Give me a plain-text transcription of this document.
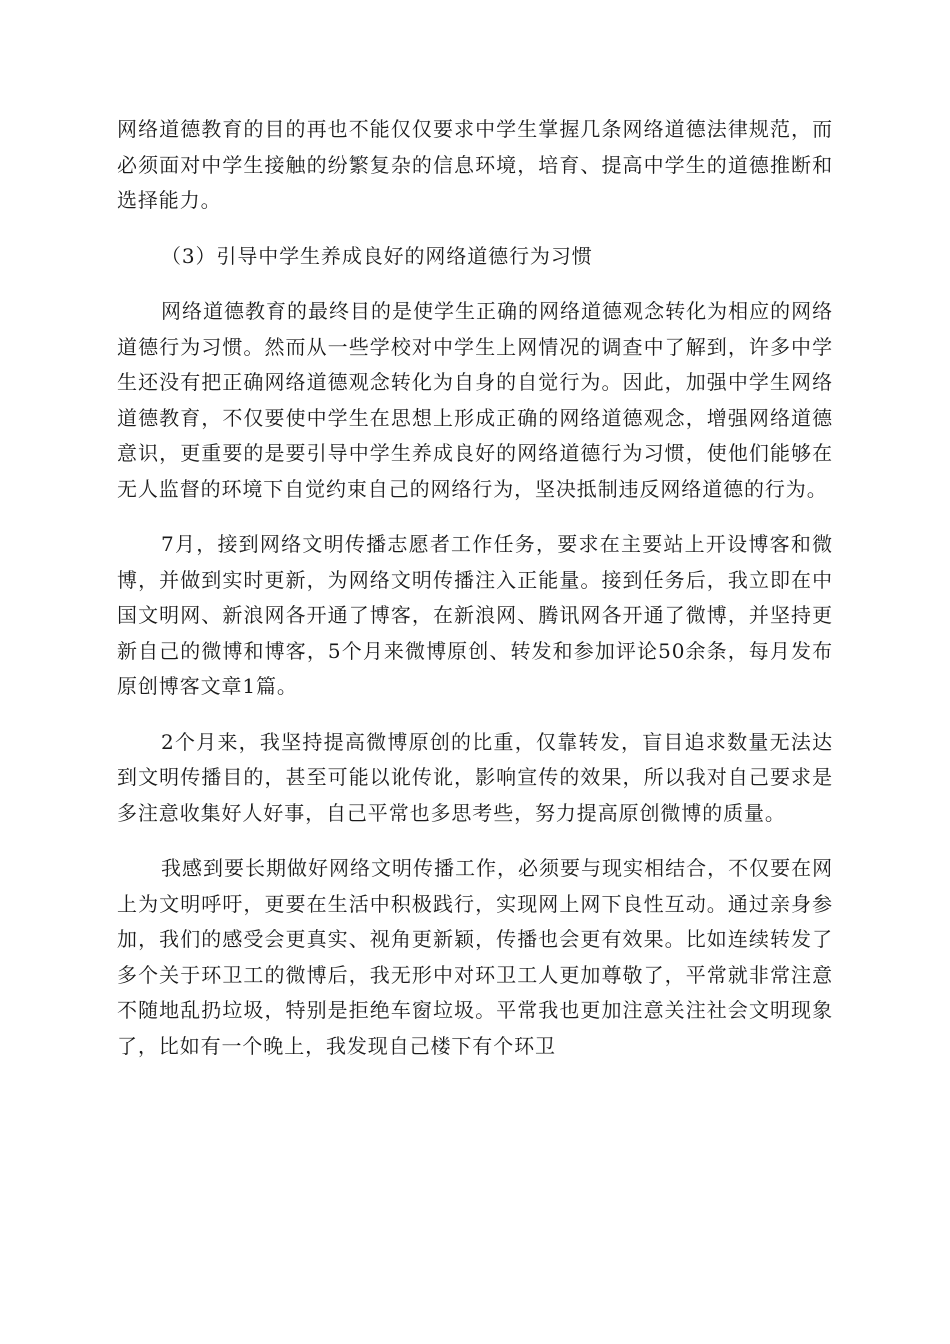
网络道德教育的目的再也不能仅仅要求中学生掌握几条网络道德法律规范，而必须面对中学生接触的纷繁复杂的信息环境，培育、提高中学生的道德推断和选择能力。

（3）引导中学生养成良好的网络道德行为习惯

网络道德教育的最终目的是使学生正确的网络道德观念转化为相应的网络道德行为习惯。然而从一些学校对中学生上网情况的调查中了解到，许多中学生还没有把正确网络道德观念转化为自身的自觉行为。因此，加强中学生网络道德教育，不仅要使中学生在思想上形成正确的网络道德观念，增强网络道德意识，更重要的是要引导中学生养成良好的网络道德行为习惯，使他们能够在无人监督的环境下自觉约束自己的网络行为，坚决抵制违反网络道德的行为。

7月，接到网络文明传播志愿者工作任务，要求在主要站上开设博客和微博，并做到实时更新，为网络文明传播注入正能量。接到任务后，我立即在中国文明网、新浪网各开通了博客，在新浪网、腾讯网各开通了微博，并坚持更新自己的微博和博客，5个月来微博原创、转发和参加评论50余条，每月发布原创博客文章1篇。

2个月来，我坚持提高微博原创的比重，仅靠转发，盲目追求数量无法达到文明传播目的，甚至可能以讹传讹，影响宣传的效果，所以我对自己要求是多注意收集好人好事，自己平常也多思考些，努力提高原创微博的质量。

我感到要长期做好网络文明传播工作，必须要与现实相结合，不仅要在网上为文明呼吁，更要在生活中积极践行，实现网上网下良性互动。通过亲身参加，我们的感受会更真实、视角更新颖，传播也会更有效果。比如连续转发了多个关于环卫工的微博后，我无形中对环卫工人更加尊敬了，平常就非常注意不随地乱扔垃圾，特别是拒绝车窗垃圾。平常我也更加注意关注社会文明现象了，比如有一个晚上，我发现自己楼下有个环卫
